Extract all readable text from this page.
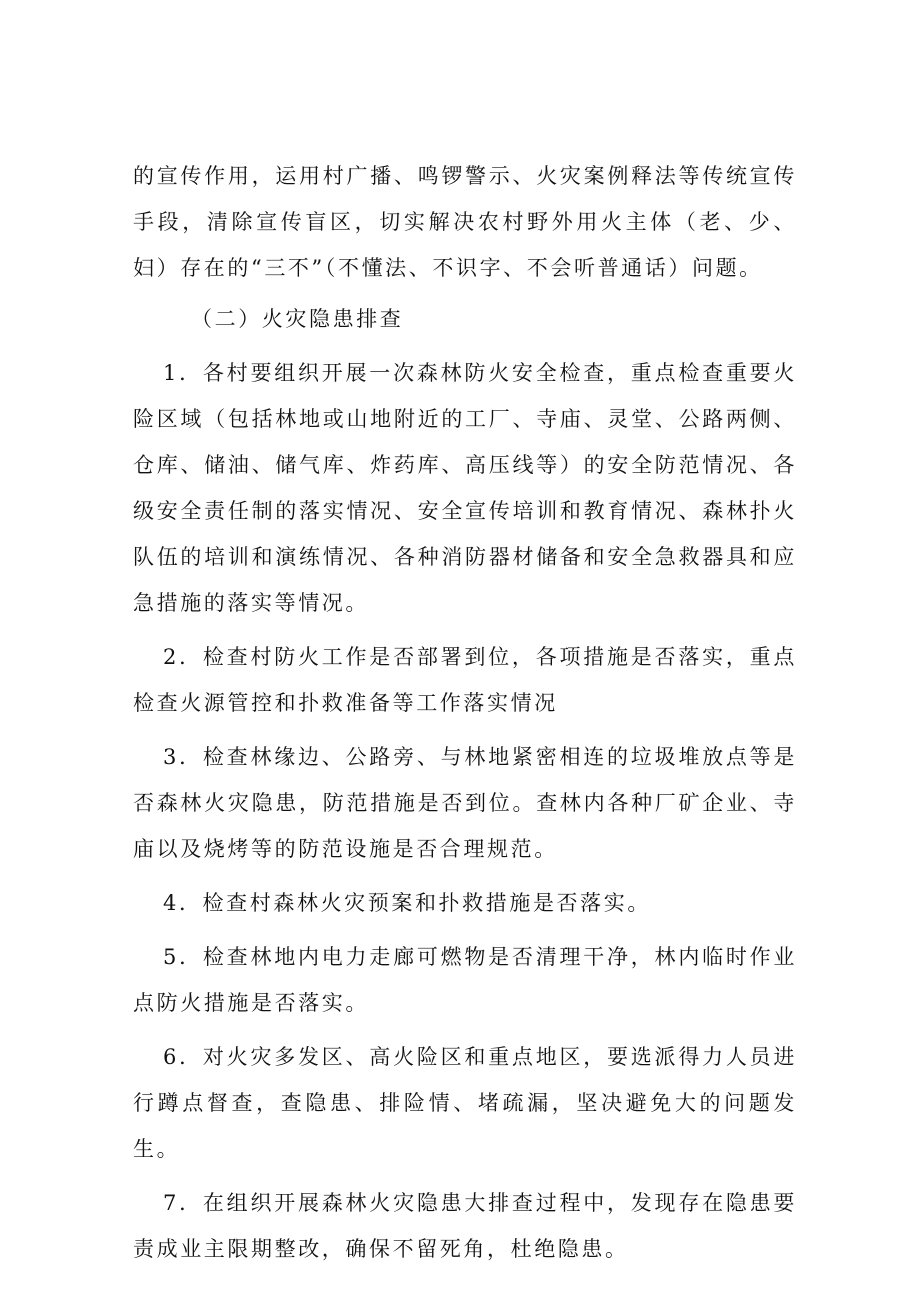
的宣传作用，运用村广播、鸣锣警示、火灾案例释法等传统宣传手段，清除宣传盲区，切实解决农村野外用火主体（老、少、妇）存在的“三不”（不懂法、不识字、不会听普通话）问题。

（二）火灾隐患排查

1．各村要组织开展一次森林防火安全检查，重点检查重要火险区域（包括林地或山地附近的工厂、寺庙、灵堂、公路两侧、仓库、储油、储气库、炸药库、高压线等）的安全防范情况、各级安全责任制的落实情况、安全宣传培训和教育情况、森林扑火队伍的培训和演练情况、各种消防器材储备和安全急救器具和应急措施的落实等情况。

2．检查村防火工作是否部署到位，各项措施是否落实，重点检查火源管控和扑救准备等工作落实情况

3．检查林缘边、公路旁、与林地紧密相连的垃圾堆放点等是否森林火灾隐患，防范措施是否到位。查林内各种厂矿企业、寺庙以及烧烤等的防范设施是否合理规范。

4．检查村森林火灾预案和扑救措施是否落实。

5．检查林地内电力走廊可燃物是否清理干净，林内临时作业点防火措施是否落实。

6．对火灾多发区、高火险区和重点地区，要选派得力人员进行蹲点督查，查隐患、排险情、堵疏漏，坚决避免大的问题发生。

7．在组织开展森林火灾隐患大排查过程中，发现存在隐患要责成业主限期整改，确保不留死角，杜绝隐患。
